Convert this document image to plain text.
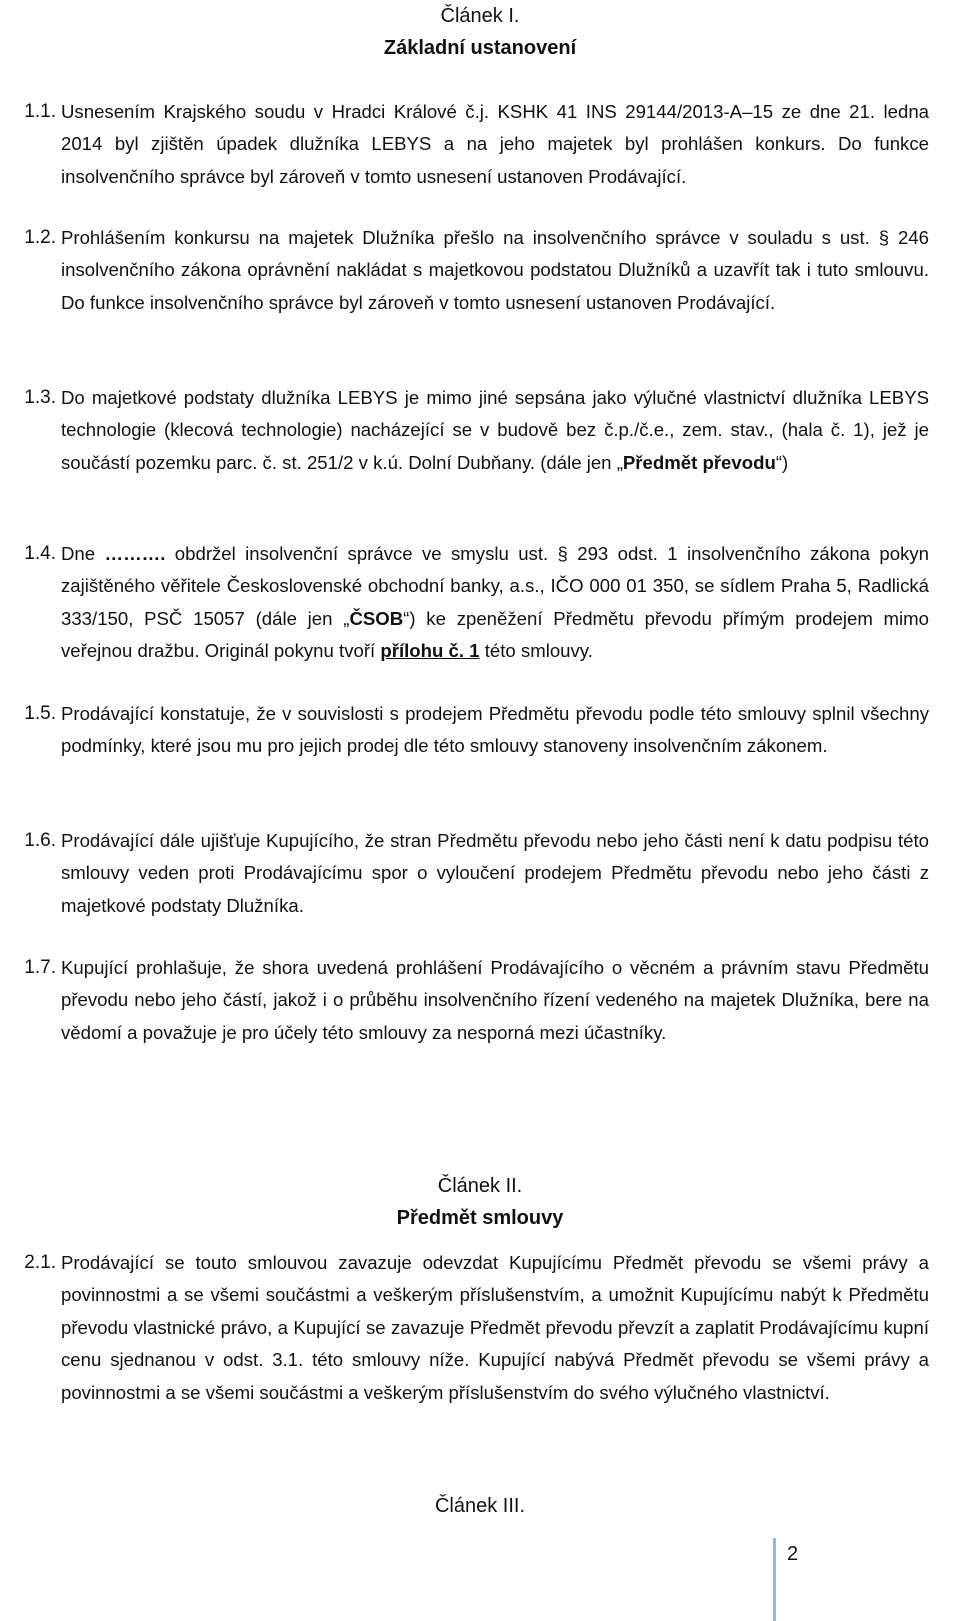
Článek I.
Základní ustanovení
1.1. Usnesením Krajského soudu v Hradci Králové č.j. KSHK 41 INS 29144/2013-A–15 ze dne 21. ledna 2014 byl zjištěn úpadek dlužníka LEBYS a na jeho majetek byl prohlášen konkurs. Do funkce insolvenčního správce byl zároveň v tomto usnesení ustanoven Prodávající.
1.2. Prohlášením konkursu na majetek Dlužníka přešlo na insolvenčního správce v souladu s ust. § 246 insolvenčního zákona oprávnění nakládat s majetkovou podstatou Dlužníků a uzavřít tak i tuto smlouvu. Do funkce insolvenčního správce byl zároveň v tomto usnesení ustanoven Prodávající.
1.3. Do majetkové podstaty dlužníka LEBYS je mimo jiné sepsána jako výlučné vlastnictví dlužníka LEBYS technologie (klecová technologie) nacházející se v budově bez č.p./č.e., zem. stav., (hala č. 1), jež je součástí pozemku parc. č. st. 251/2 v k.ú. Dolní Dubňany. (dále jen „Předmět převodu“)
1.4. Dne ………. obdržel insolvenční správce ve smyslu ust. § 293 odst. 1 insolvenčního zákona pokyn zajištěného věřitele Československé obchodní banky, a.s., IČO 000 01 350, se sídlem Praha 5, Radlická 333/150, PSČ 15057 (dále jen „ČSOB“) ke zpeněžení Předmětu převodu přímým prodejem mimo veřejnou dražbu. Originál pokynu tvoří přílohu č. 1 této smlouvy.
1.5. Prodávající konstatuje, že v souvislosti s prodejem Předmětu převodu podle této smlouvy splnil všechny podmínky, které jsou mu pro jejich prodej dle této smlouvy stanoveny insolvenčním zákonem.
1.6. Prodávající dále ujišťuje Kupujícího, že stran Předmětu převodu nebo jeho části není k datu podpisu této smlouvy veden proti Prodávajícímu spor o vyloučení prodejem Předmětu převodu nebo jeho části z majetkové podstaty Dlužníka.
1.7. Kupující prohlašuje, že shora uvedená prohlášení Prodávajícího o věcném a právním stavu Předmětu převodu nebo jeho částí, jakož i o průběhu insolvenčního řízení vedeného na majetek Dlužníka, bere na vědomí a považuje je pro účely této smlouvy za nesporná mezi účastníky.
Článek II.
Předmět smlouvy
2.1. Prodávající se touto smlouvou zavazuje odevzdat Kupujícímu Předmět převodu se všemi právy a povinnostmi a se všemi součástmi a veškerým příslušenstvím, a umožnit Kupujícímu nabýt k Předmětu převodu vlastnické právo, a Kupující se zavazuje Předmět převodu převzít a zaplatit Prodávajícímu kupní cenu sjednanou v odst. 3.1. této smlouvy níže. Kupující nabývá Předmět převodu se všemi právy a povinnostmi a se všemi součástmi a veškerým příslušenstvím do svého výlučného vlastnictví.
Článek III.
2
